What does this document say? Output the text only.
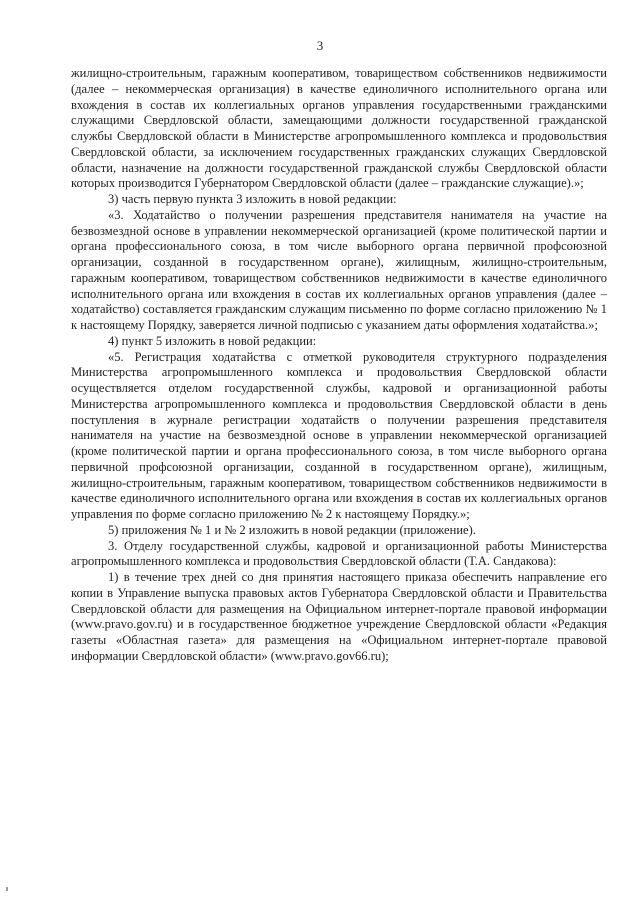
3

жилищно-строительным, гаражным кооперативом, товариществом собственников недвижимости (далее – некоммерческая организация) в качестве единоличного исполнительного органа или вхождения в состав их коллегиальных органов управления государственными гражданскими служащими Свердловской области, замещающими должности государственной гражданской службы Свердловской области в Министерстве агропромышленного комплекса и продовольствия Свердловской области, за исключением государственных гражданских служащих Свердловской области, назначение на должности государственной гражданской службы Свердловской области которых производится Губернатором Свердловской области (далее – гражданские служащие).»;

3) часть первую пункта 3 изложить в новой редакции:

«3. Ходатайство о получении разрешения представителя нанимателя на участие на безвозмездной основе в управлении некоммерческой организацией (кроме политической партии и органа профессионального союза, в том числе выборного органа первичной профсоюзной организации, созданной в государственном органе), жилищным, жилищно-строительным, гаражным кооперативом, товариществом собственников недвижимости в качестве единоличного исполнительного органа или вхождения в состав их коллегиальных органов управления (далее – ходатайство) составляется гражданским служащим письменно по форме согласно приложению № 1 к настоящему Порядку, заверяется личной подписью с указанием даты оформления ходатайства.»;

4) пункт 5 изложить в новой редакции:

«5. Регистрация ходатайства с отметкой руководителя структурного подразделения Министерства агропромышленного комплекса и продовольствия Свердловской области осуществляется отделом государственной службы, кадровой и организационной работы Министерства агропромышленного комплекса и продовольствия Свердловской области в день поступления в журнале регистрации ходатайств о получении разрешения представителя нанимателя на участие на безвозмездной основе в управлении некоммерческой организацией (кроме политической партии и органа профессионального союза, в том числе выборного органа первичной профсоюзной организации, созданной в государственном органе), жилищным, жилищно-строительным, гаражным кооперативом, товариществом собственников недвижимости в качестве единоличного исполнительного органа или вхождения в состав их коллегиальных органов управления по форме согласно приложению № 2 к настоящему Порядку.»;

5) приложения № 1 и № 2 изложить в новой редакции (приложение).

3. Отделу государственной службы, кадровой и организационной работы Министерства агропромышленного комплекса и продовольствия Свердловской области (Т.А. Сандакова):

1) в течение трех дней со дня принятия настоящего приказа обеспечить направление его копии в Управление выпуска правовых актов Губернатора Свердловской области и Правительства Свердловской области для размещения на Официальном интернет-портале правовой информации (www.pravo.gov.ru) и в государственное бюджетное учреждение Свердловской области «Редакция газеты «Областная газета» для размещения на «Официальном интернет-портале правовой информации Свердловской области» (www.pravo.gov66.ru);
